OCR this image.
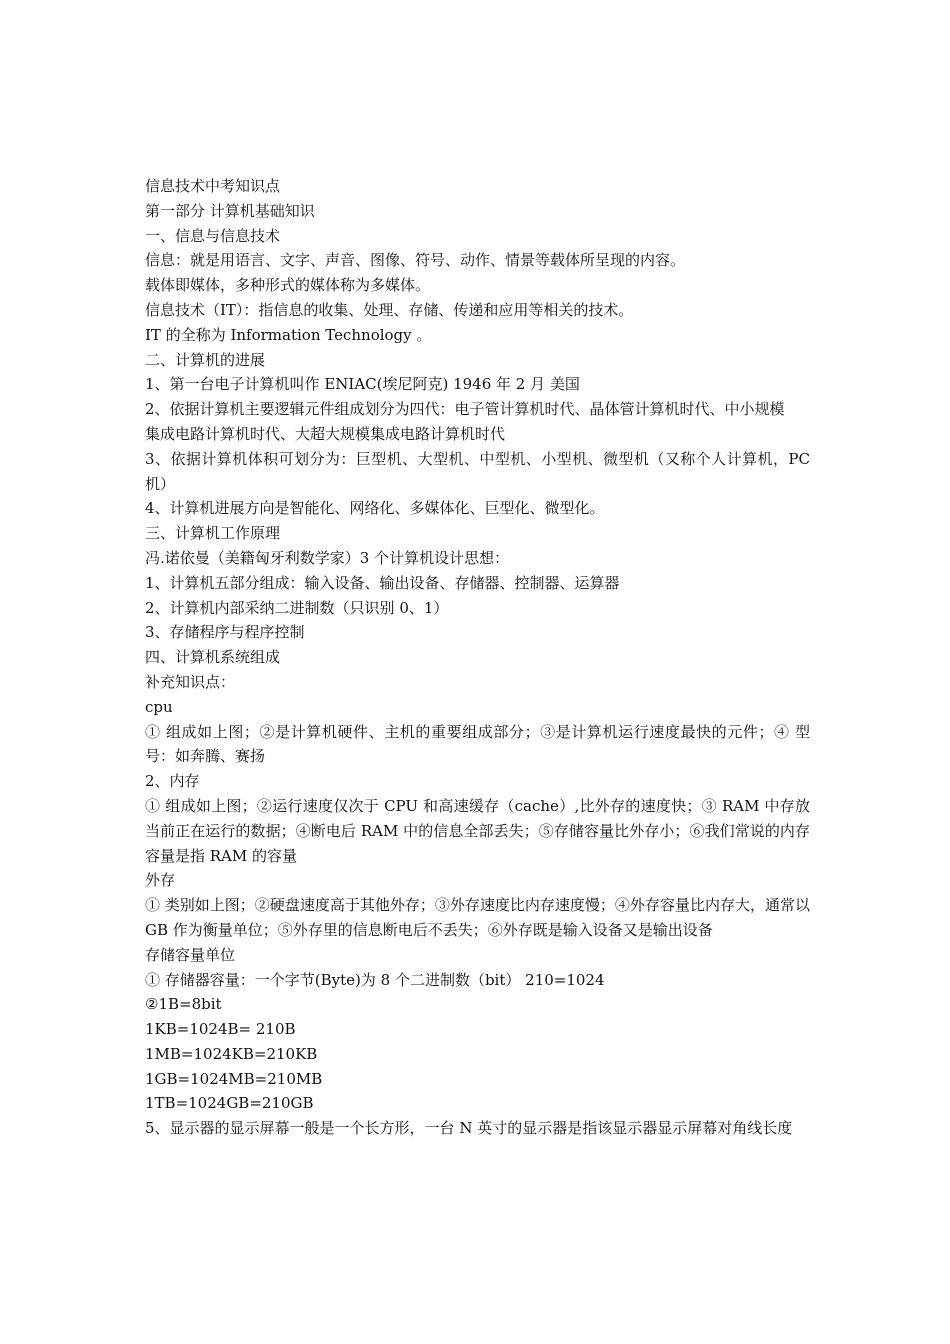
信息技术中考知识点

第一部分 计算机基础知识

一、信息与信息技术

信息：就是用语言、文字、声音、图像、符号、动作、情景等载体所呈现的内容。

载体即媒体，多种形式的媒体称为多媒体。

信息技术（IT）：指信息的收集、处理、存储、传递和应用等相关的技术。

IT 的全称为 Information Technology 。

二、计算机的进展

1、第一台电子计算机叫作 ENIAC(埃尼阿克) 1946 年 2 月 美国

2、依据计算机主要逻辑元件组成划分为四代：电子管计算机时代、晶体管计算机时代、中小规模

集成电路计算机时代、大超大规模集成电路计算机时代

3、依据计算机体积可划分为：巨型机、大型机、中型机、小型机、微型机（又称个人计算机，PC 机）

4、计算机进展方向是智能化、网络化、多媒体化、巨型化、微型化。

三、计算机工作原理

冯.诺依曼（美籍匈牙利数学家）3 个计算机设计思想：

1、计算机五部分组成：输入设备、输出设备、存储器、控制器、运算器

2、计算机内部采纳二进制数（只识别 0、1）

3、存储程序与程序控制

四、计算机系统组成

补充知识点：

cpu

① 组成如上图；②是计算机硬件、主机的重要组成部分；③是计算机运行速度最快的元件；④ 型号：如奔腾、赛扬

2、内存

① 组成如上图；②运行速度仅次于 CPU 和高速缓存（cache）,比外存的速度快；③ RAM 中存放当前正在运行的数据；④断电后 RAM 中的信息全部丢失；⑤存储容量比外存小；⑥我们常说的内存容量是指 RAM 的容量

外存

① 类别如上图；②硬盘速度高于其他外存；③外存速度比内存速度慢；④外存容量比内存大，通常以 GB 作为衡量单位；⑤外存里的信息断电后不丢失；⑥外存既是输入设备又是输出设备

存储容量单位

① 存储器容量：一个字节(Byte)为 8 个二进制数（bit） 210=1024

②1B=8bit

1KB=1024B= 210B

1MB=1024KB=210KB

1GB=1024MB=210MB

1TB=1024GB=210GB

5、显示器的显示屏幕一般是一个长方形，一台 N 英寸的显示器是指该显示器显示屏幕对角线长度
